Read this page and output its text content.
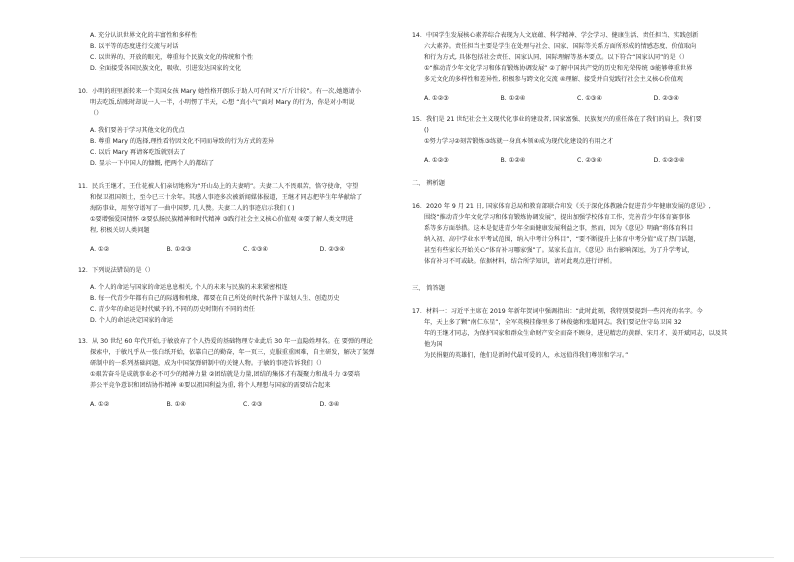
A. 充分认识世界文化的丰富性和多样性

B. 以平等的态度进行交流与对话

C. 以世界的、开放的眼光，尊重每个民族文化的传统和个性

D. 全面接受各国民族文化，吸收、引进发达国家的文化

10．小明的班里新转来一个美国女孩 Mary 她性格开朗乐于助人可有时又“斤斤计较”。有一次,她邀请小

明去吃饭,结账时却说一人一半，小明愣了半天，心想 “真小气”面对 Mary 的行为，你是对小明说

（）

A. 我们要善于学习其他文化的优点

B. 尊重 Mary 的选择,理性看待因文化不同而导致的行为方式的差异

C. 以后 Mary 再请客吃饭就别去了

D. 显示一下中国人的慷慨, 把两个人的都结了

11．民兵王继才，王仕花被人们亲切地称为“开山岛上的夫妻哨”。夫妻二人不畏艰苦，恪守使命，守望

和保卫祖国领土，至今已三十余年。其感人事迹多次被新闻媒体报道，王继才同志把毕生年华献给了

海防事业，用坚守谱写了一曲中国梦, 几人赞。夫妻二人的事迹启示我们 ( )

①要增强爱国情怀 ②要弘扬民族精神和时代精神 ③践行社会主义核心价值观 ④要了解人类文明进

程, 积极关切人类问题

A. ①②	B. ①②③	C. ①③④	D. ②③④

12．下列说法错误的是（）

A. 个人的命运与国家的命运息息相关, 个人的未来与民族的未来紧密相连

B. 每一代青少年都有自己的际遇和机缘，都要在自己所处的时代条件下谋划人生、创造历史

C. 青少年的命运是时代赋予的,不同的历史时期有不同的责任

D. 个人的命运决定国家的命运

13．从 30 世纪 60 年代开始,于敏放弃了个人热爱的基础物理专业此后 30 年一直隐姓埋名。在 要弹的理论

探索中，于敏凡乎从一张白纸开始，依靠自己的勤奋，年一页三，克服重重困难，自主研发，解决了氢弹

研制中的一系列基础问题，成为中国氢弹研制中的关键人物。于敏的事迹告诉我们（）

①艰苦奋斗是成就事业必不可少的精神力量 ②团结就是力量,团结的集体才有凝聚力和战斗力 ③要培

养公平竞争意识和团结协作精神 ④要以祖国利益为重, 将个人理想与国家的需要结合起来

A. ①②	B. ①④	C. ②③	D. ③④

14．中国学生发展核心素养综合表现为人文底蕴、科学精神、学会学习、健康生活、责任担当、实践创新

六大素养。责任担当主要是学生在处理与社会、国家、国际等关系方面所形成的情感态度、价值取向

和行为方式, 具体包括社会责任、国家认同、国际理解等基本要点。以下符合“国家认同”的是（）

①“推动青少年文化学习和体育锻炼协调发展” ②了解中国共产党的历史和光荣传统 ③能够尊重世界

多元文化的多样性和差异性, 积极参与跨文化交流 ④理解、接受并自觉践行社会主义核心价值观

A. ①②③	B. ①②④	C. ①③④	D. ②③④

15．我们是 21 世纪社会主义现代化事业的建设者, 国家富强、民族复兴的重任落在了我们的肩上，我们要

()

①努力学习②刻苦锻炼③练就一身真本领④成为现代化建设的有用之才

A. ①②③	B. ①②④	C. ②③④	D. ①②③④

二、 辨析题

16．2020 年 9 月 21 日, 国家体育总局和教育部联合印发《关于深化体教融合促进青少年健康发展的意见》,

围绕“推动青少年文化学习和体育锻炼协调发展”，提出加强学校体育工作，完善青少年体育赛事体

系等多方面举措。这本是促进青少年全面健康发展利益之事，然而，因为《意见》明确“将体育科目

纳入初、高中学业水平考试范围，纳入中考计分科目”，“要不断提升上体育中考分值”成了热门话题，

甚至有些家长开始关心“体育补习哪家强”了。某家长直言，《意见》出台影响深远，为了升学考试，

体育补习不可或缺。依据材料，结合所学知识，请对此观点进行评析。

三、 简答题

17．材料一：习近平主席在 2019 年新年贺词中强调指出：“此时此刻，我特别要提到一些闪亮的名字。今

年，天上多了颗“南仁东星”，全军英模挂像里多了林俊德和张超同志。我们要记住守岛卫国 32

年的王继才同志，为保护国家和群众生命财产安全而奋不顾身，进见精忠的黄群、宋月才、姜开斌同志，以及其他为国

为民捐躯的英雄们，他们是新时代最可爱的人，永远值得我们尊崇和学习。”
